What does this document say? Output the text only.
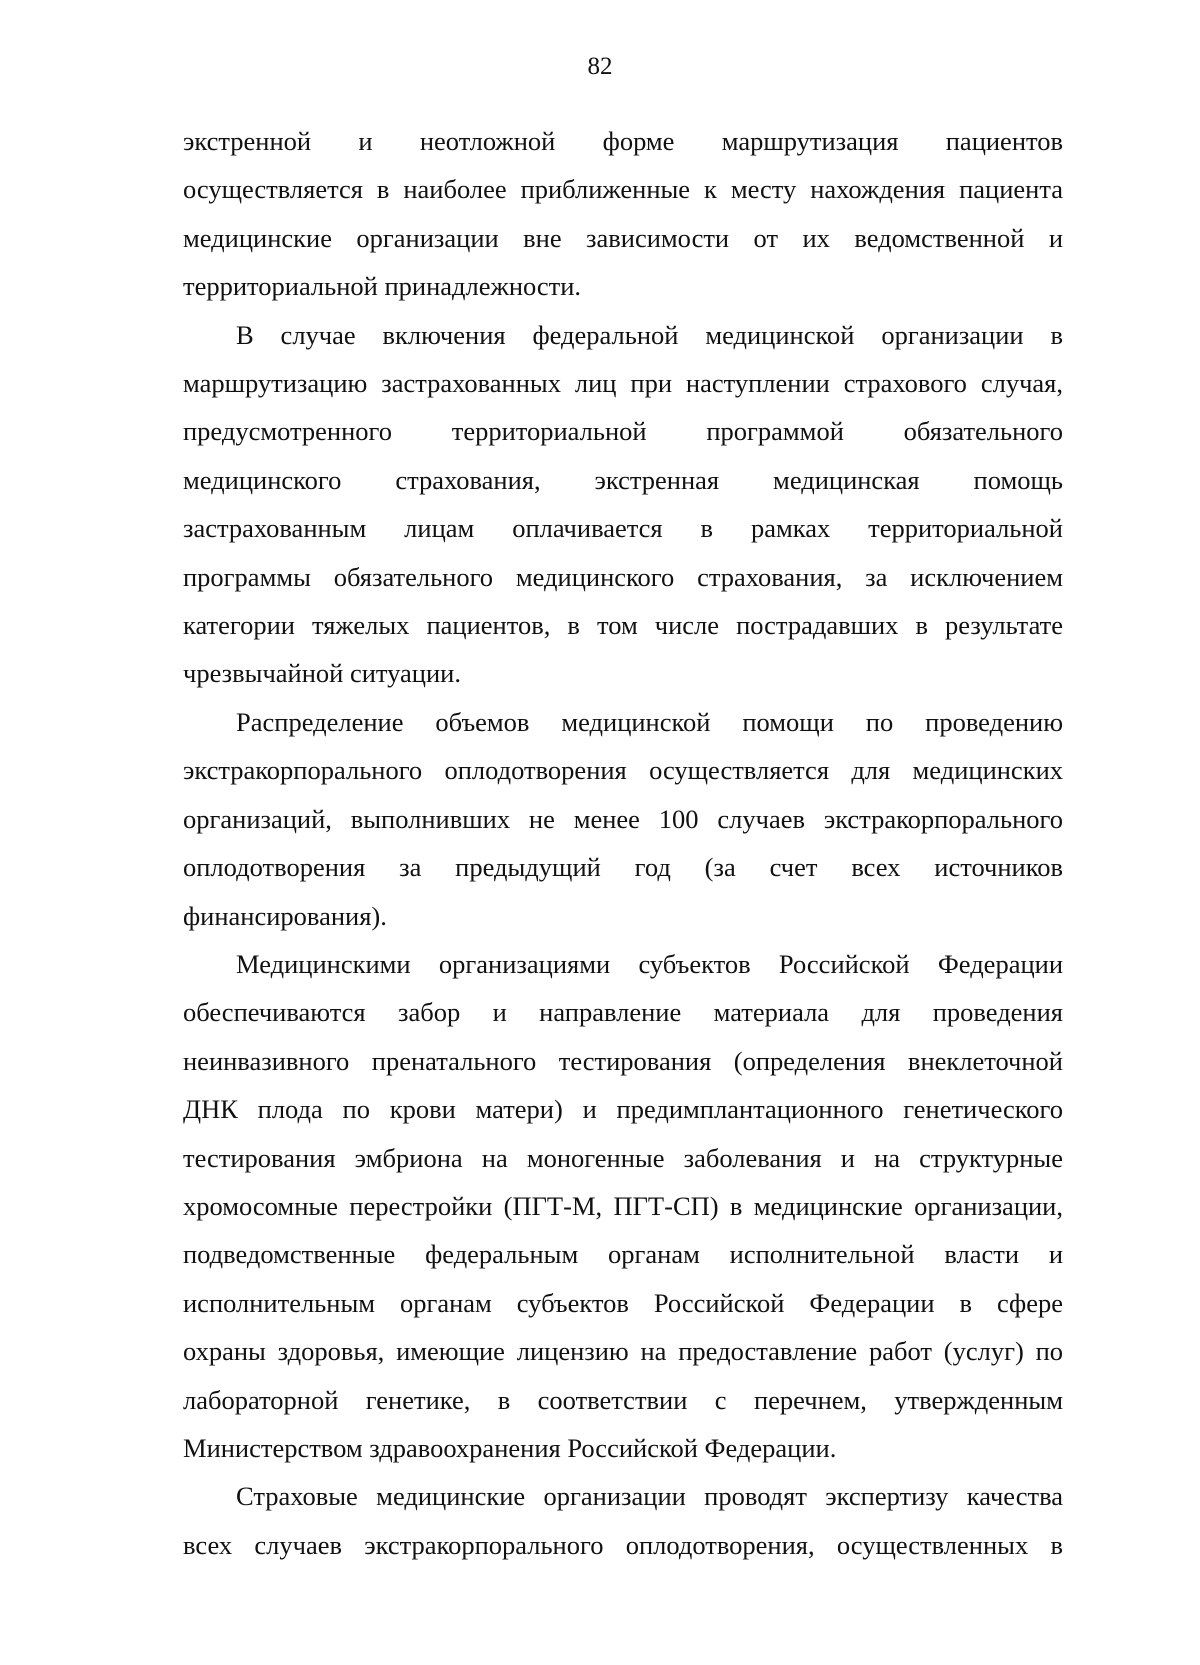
82
экстренной и неотложной форме маршрутизация пациентов
осуществляется в наиболее приближенные к месту нахождения пациента
медицинские организации вне зависимости от их ведомственной и
территориальной принадлежности.
В случае включения федеральной медицинской организации в
маршрутизацию застрахованных лиц при наступлении страхового случая,
предусмотренного территориальной программой обязательного
медицинского страхования, экстренная медицинская помощь
застрахованным лицам оплачивается в рамках территориальной
программы обязательного медицинского страхования, за исключением
категории тяжелых пациентов, в том числе пострадавших в результате
чрезвычайной ситуации.
Распределение объемов медицинской помощи по проведению
экстракорпорального оплодотворения осуществляется для медицинских
организаций, выполнивших не менее 100 случаев экстракорпорального
оплодотворения за предыдущий год (за счет всех источников
финансирования).
Медицинскими организациями субъектов Российской Федерации
обеспечиваются забор и направление материала для проведения
неинвазивного пренатального тестирования (определения внеклеточной
ДНК плода по крови матери) и предимплантационного генетического
тестирования эмбриона на моногенные заболевания и на структурные
хромосомные перестройки (ПГТ-М, ПГТ-СП) в медицинские организации,
подведомственные федеральным органам исполнительной власти и
исполнительным органам субъектов Российской Федерации в сфере
охраны здоровья, имеющие лицензию на предоставление работ (услуг) по
лабораторной генетике, в соответствии с перечнем, утвержденным
Министерством здравоохранения Российской Федерации.
Страховые медицинские организации проводят экспертизу качества
всех случаев экстракорпорального оплодотворения, осуществленных в
